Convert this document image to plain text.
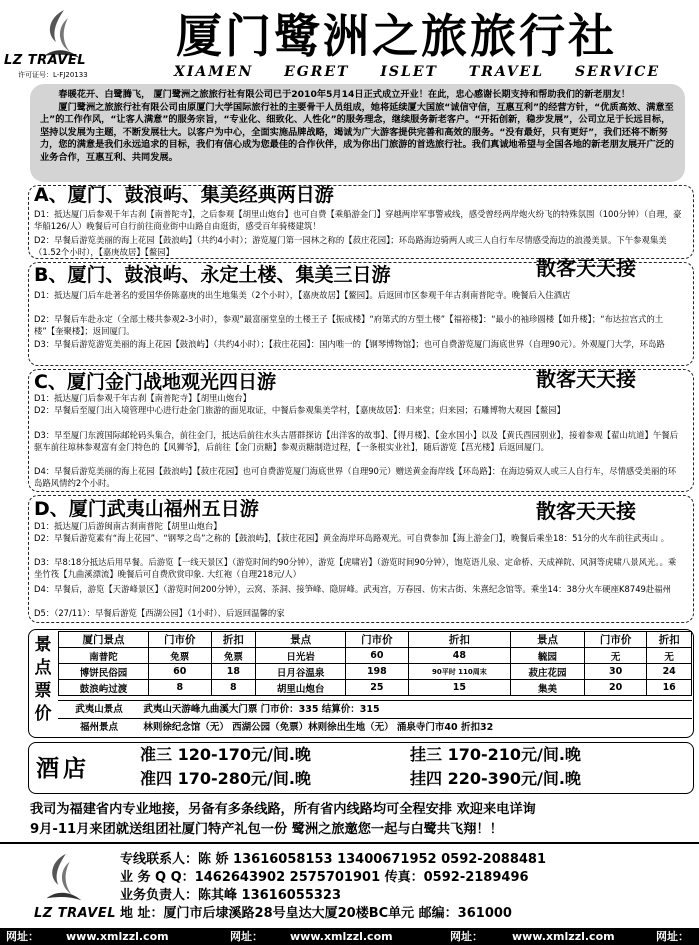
LZ TRAVEL
许可证号：L-FJ20133
厦门鹭洲之旅旅行社
XIAMEN EGRET ISLET TRAVEL SERVICE

春暖花开、白鹭腾飞， 厦门鹭洲之旅旅行社有限公司已于2010年5月14日正式成立开业！在此，忠心感谢长期支持和帮助我们的新老朋友！

厦门鹭洲之旅旅行社有限公司由原厦门大学国际旅行社的主要骨干人员组成，她将延续厦大国旅“诚信守信，互惠互利”的经营方针，“优质高效、满意至上”的工作作风，“让客人满意”的服务宗旨，“专业化、细致化、人性化”的服务理念，继续服务新老客户。“开拓创新，稳步发展”，公司立足于长远目标，坚持以发展为主题，不断发展壮大。以客户为中心，全面实施品牌战略，竭诚为广大游客提供完善和高效的服务。“没有最好，只有更好”，我们还将不断努力，您的满意是我们永远追求的目标，我们有信心成为您最佳的合作伙伴，成为你出门旅游的首选旅行社。我们真诚地希望与全国各地的新老朋友展开广泛的业务合作，互惠互利、共同发展。

A、厦门、鼓浪屿、集美经典两日游
D1：抵达厦门后参观千年古刹【南普陀寺】，之后参观【胡里山炮台】也可自费【乘船游金门】穿越两岸军事警戒线，感受曾经两岸炮火纷飞的特殊氛围（100分钟）（自理，豪华船126/人）晚餐后可自行前往商业街中山路自由逛街，感受百年骑楼建筑！
D2：早餐后游览美丽的海上花园【鼓浪屿】（共约4小时）；游览厦门第一园林之称的【菽庄花园】；环岛路海边骑两人或三人自行车尽情感受海边的浪漫美景。下午参观集美（1.52个小时），【嘉庚故居】【鳌园】
B、厦门、鼓浪屿、永定土楼、集美三日游	散客天天接
D1：抵达厦门后车赴著名的爱国华侨陈嘉庚的出生地集美（2个小时），【嘉庚故居】【鳌园】。后返回市区参观千年古刹南普陀寺。晚餐后入住酒店
D2：早餐后车赴永定（全部土楼共参观2-3小时），参观“最富丽堂皇的土楼王子【振成楼】“府第式的方型土楼”【福裕楼】：“最小的袖珍圆楼【如升楼】；“布达拉宫式的土楼”【奎聚楼】；返回厦门。
D3：早餐后游览游览美丽的海上花园【鼓浪屿】（共约4小时）；【菽庄花园】：国内唯一的【钢琴博物馆】；也可自费游览厦门海底世界（自理90元）。外观厦门大学，环岛路
C、厦门金门战地观光四日游	散客天天接
D1：抵达厦门后参观千年古刹【南普陀寺】【胡里山炮台】
D2：早餐后至厦门出入境管理中心进行赴金门旅游的面见取证，中餐后参观集美学村，【嘉庚故居】：归来堂；归来园；石雕博物大观园【鳌园】
D3：早至厦门东渡国际邮轮码头集合，前往金门，抵达后前往水头古厝群探访【出洋客的故事】、【得月楼】、【金水国小】以及【黄氏酉园别业】，接着参观【翟山坑道】午餐后驱车前往琼林参观富有金门特色的【风狮爷】，后前往【金门贡糖】参观贡糖制造过程，【一条根实业社】，随后游览【莒光楼】后返回厦门。
D4：早餐后游览美丽的海上花园【鼓浪屿】【菽庄花园】也可自费游览厦门海底世界（自理90元）赠送黄金海岸线【环岛路】：在海边骑双人或三人自行车，尽情感受美丽的环岛路风情约2个小时。
D、厦门武夷山福州五日游	散客天天接
D1：抵达厦门后游闽南古刹南普陀【胡里山炮台】
D2：早餐后游览素有“海上花园”、“钢琴之岛”之称的【鼓浪屿】，【菽庄花园】黄金海岸环岛路观光。可自费参加【海上游金门】，晚餐后乘坐18：51分的火车前往武夷山 。
D3：早8:18分抵达后用早餐。后游览【一线天景区】（游览时间约90分钟），游览【虎啸岩】（游览时间90分钟），饱览语儿泉、定命桥、天成禅院、风洞等虎啸八景风光。。乘坐竹筏【九曲溪漂流】晚餐后可自费欣赏印象. 大红袍（自理218元/人）
D4：早餐后，游览【天游峰景区】（游览时间200分钟），云窝、茶洞、接笋峰、隐屏峰。武夷宫，万春园、仿宋古街、朱熹纪念馆等。乘坐14：38分火车硬座K8749赴福州
D5：（27/11）：早餐后游览【西湖公园】（1小时）、后返回温馨的家
景点票价
厦门景点	门市价	折扣	景点	门市价	折扣	景点	门市价	折扣
南普陀	免票	免票	日光岩	60	48	毓园	无	无
博饼民俗园	60	18	日月谷温泉	198	90平时 110周末	菽庄花园	30	24
鼓浪屿过渡	8	8	胡里山炮台	25	15	集美	20	16
武夷山景点 武夷山天游峰九曲溪大门票 门市价：335 结算价：315
福州景点	林则徐纪念馆（无） 西湖公园（免票）林则徐出生地（无） 涌泉寺门市40 折扣32
酒店
准三 120-170元/间.晚	挂三 170-210元/间.晚
准四 170-280元/间.晚	挂四 220-390元/间.晚
我司为福建省内专业地接，另备有多条线路，所有省内线路均可全程安排 欢迎来电详询
9月-11月来团就送组团社厦门特产礼包一份 鹭洲之旅邀您一起与白鹭共飞翔！！
LZ TRAVEL
专线联系人：陈 娇 13616058153 13400671952 0592-2088481
业 务 Q Q：1462643902 2575701901 传真：0592-2189496
业务负责人：陈其峰 13616055323
地 址：厦门市后埭溪路28号皇达大厦20楼BC单元 邮编：361000
网址： www.xmlzzl.com	网址： www.xmlzzl.com	网址：	www.xmlzzl.com	网址：
